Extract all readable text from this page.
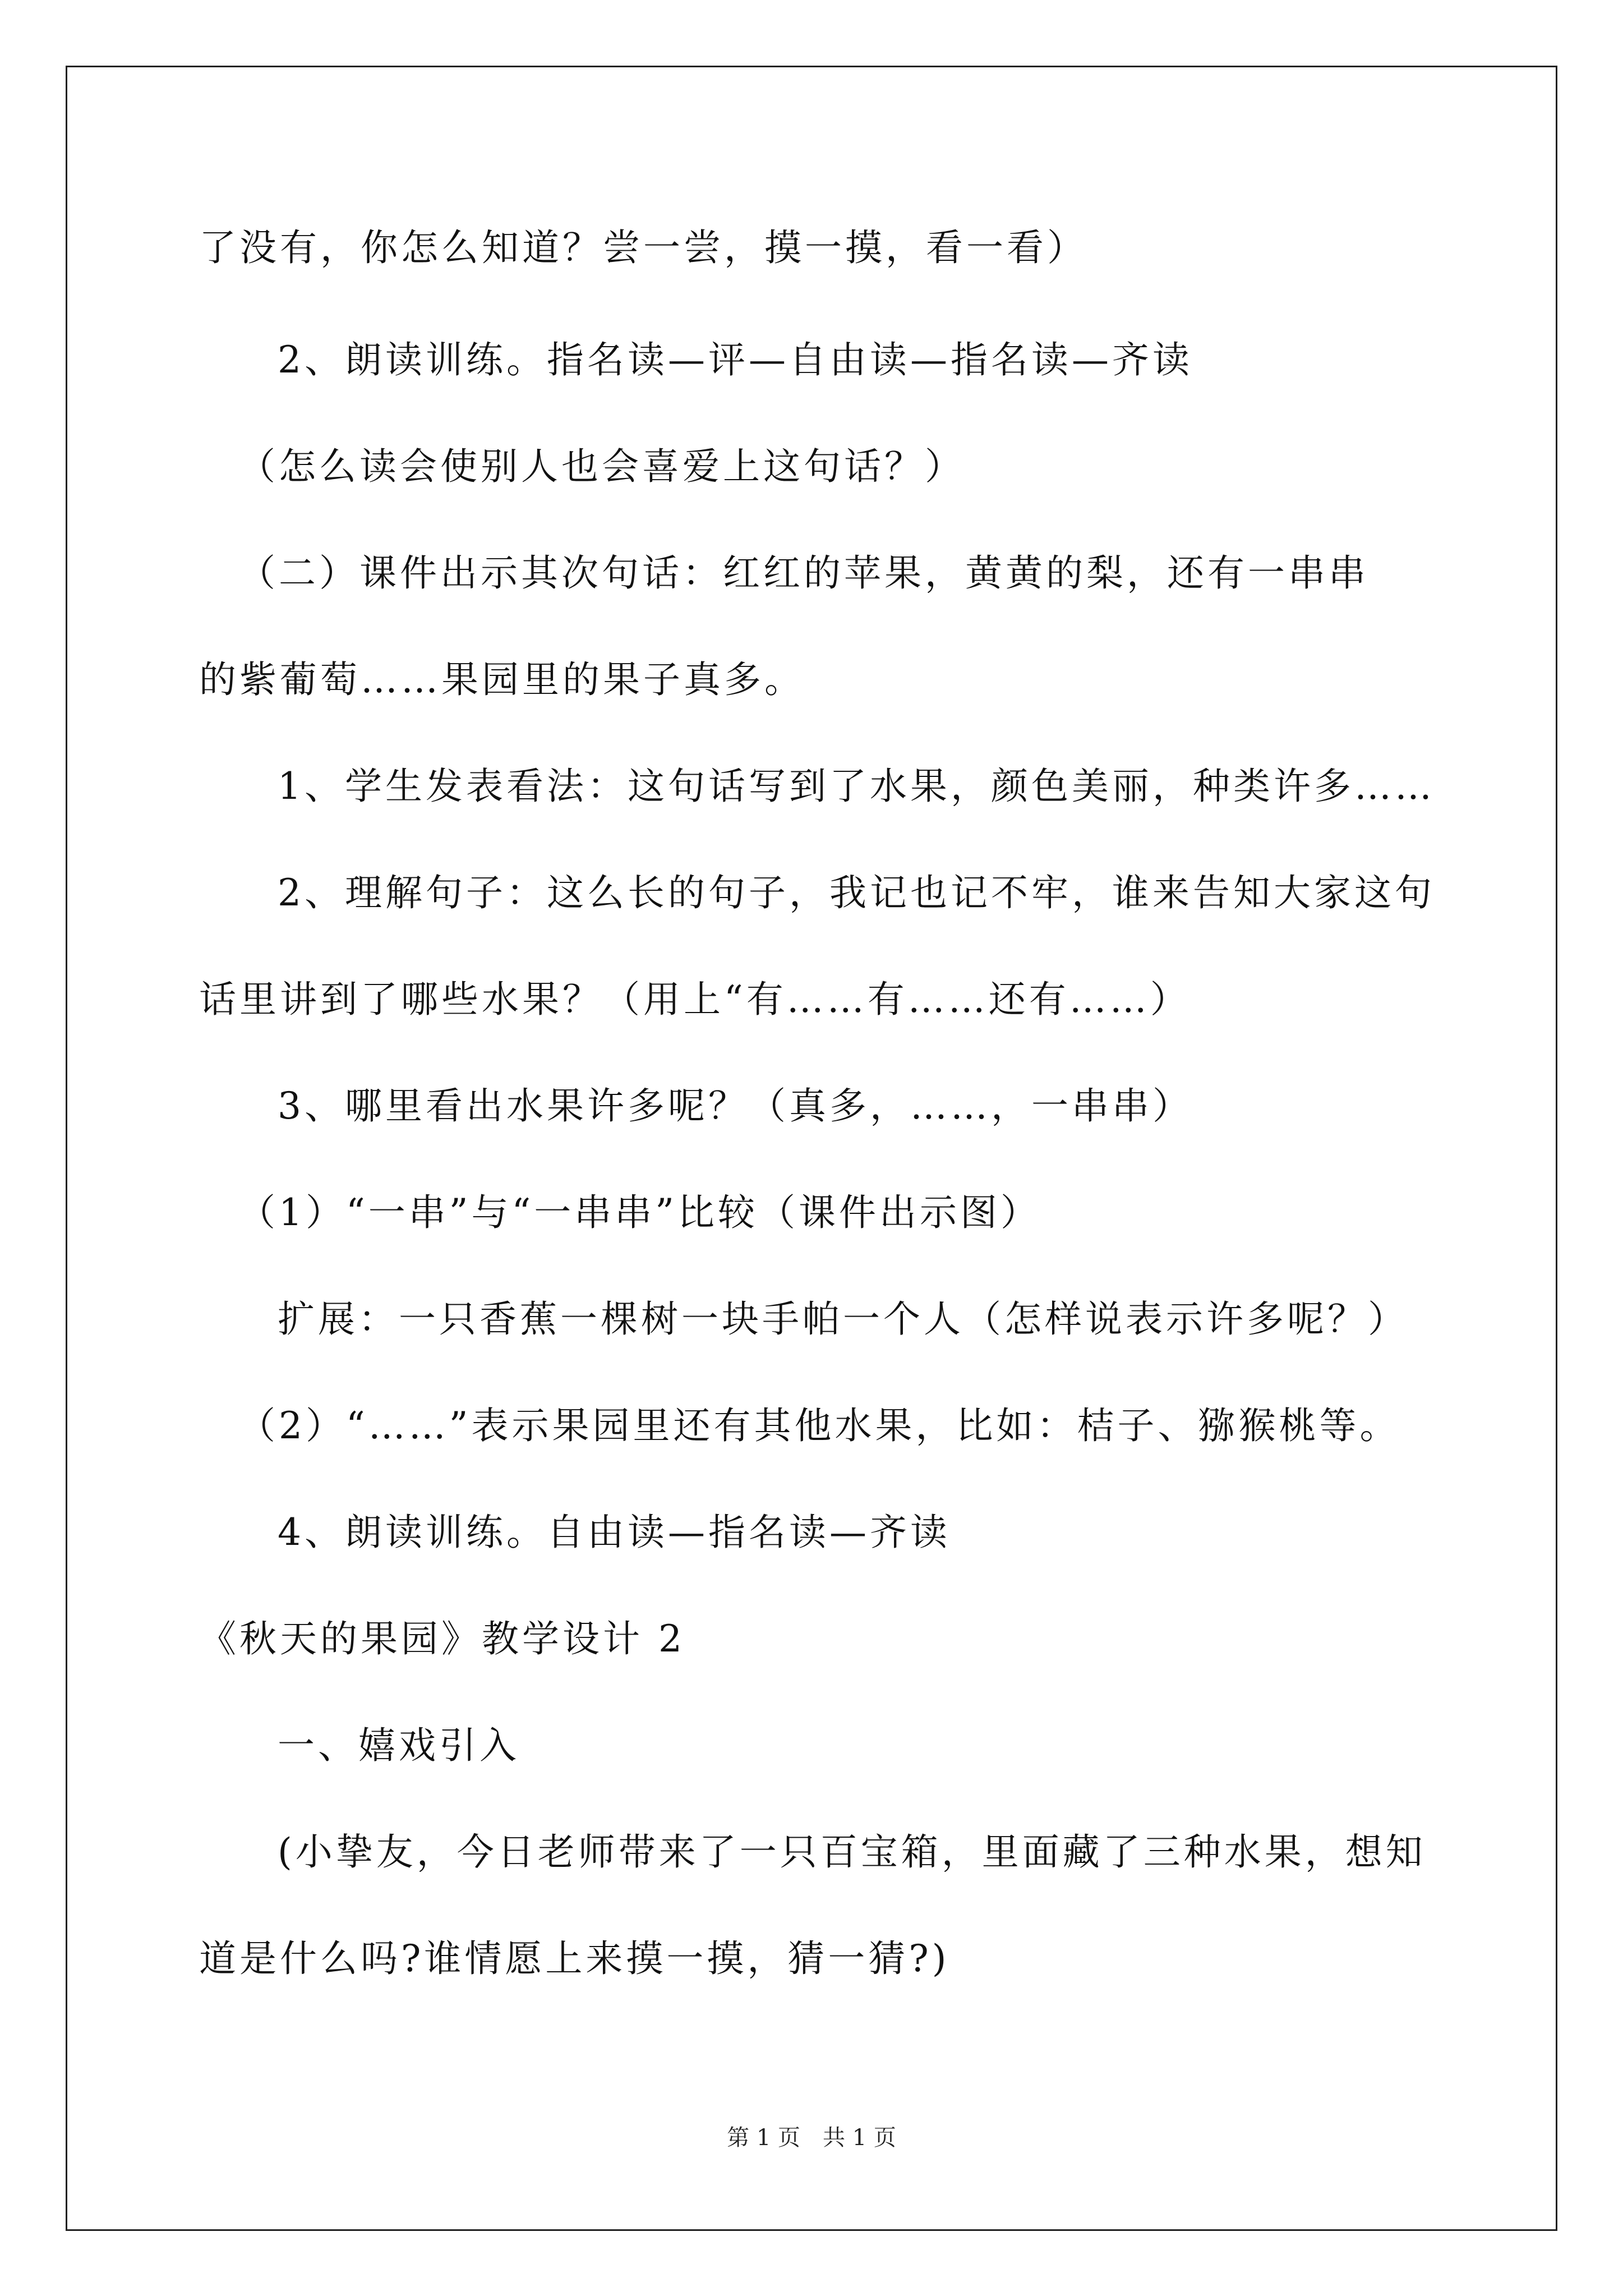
了没有，你怎么知道？尝一尝，摸一摸，看一看）
2、朗读训练。指名读—评—自由读—指名读—齐读
（怎么读会使别人也会喜爱上这句话？）
（二）课件出示其次句话：红红的苹果，黄黄的梨，还有一串串
的紫葡萄……果园里的果子真多。
1、学生发表看法：这句话写到了水果，颜色美丽，种类许多……
2、理解句子：这么长的句子，我记也记不牢，谁来告知大家这句
话里讲到了哪些水果？（用上“有……有……还有……）
3、哪里看出水果许多呢？（真多，……，一串串）
（1）“一串”与“一串串”比较（课件出示图）
扩展：一只香蕉一棵树一块手帕一个人（怎样说表示许多呢？）
（2）“……”表示果园里还有其他水果，比如：桔子、猕猴桃等。
4、朗读训练。自由读—指名读—齐读
《秋天的果园》教学设计 2
一、嬉戏引入
(小挚友，今日老师带来了一只百宝箱，里面藏了三种水果，想知
道是什么吗?谁情愿上来摸一摸，猜一猜?)
第 1 页　共 1 页
